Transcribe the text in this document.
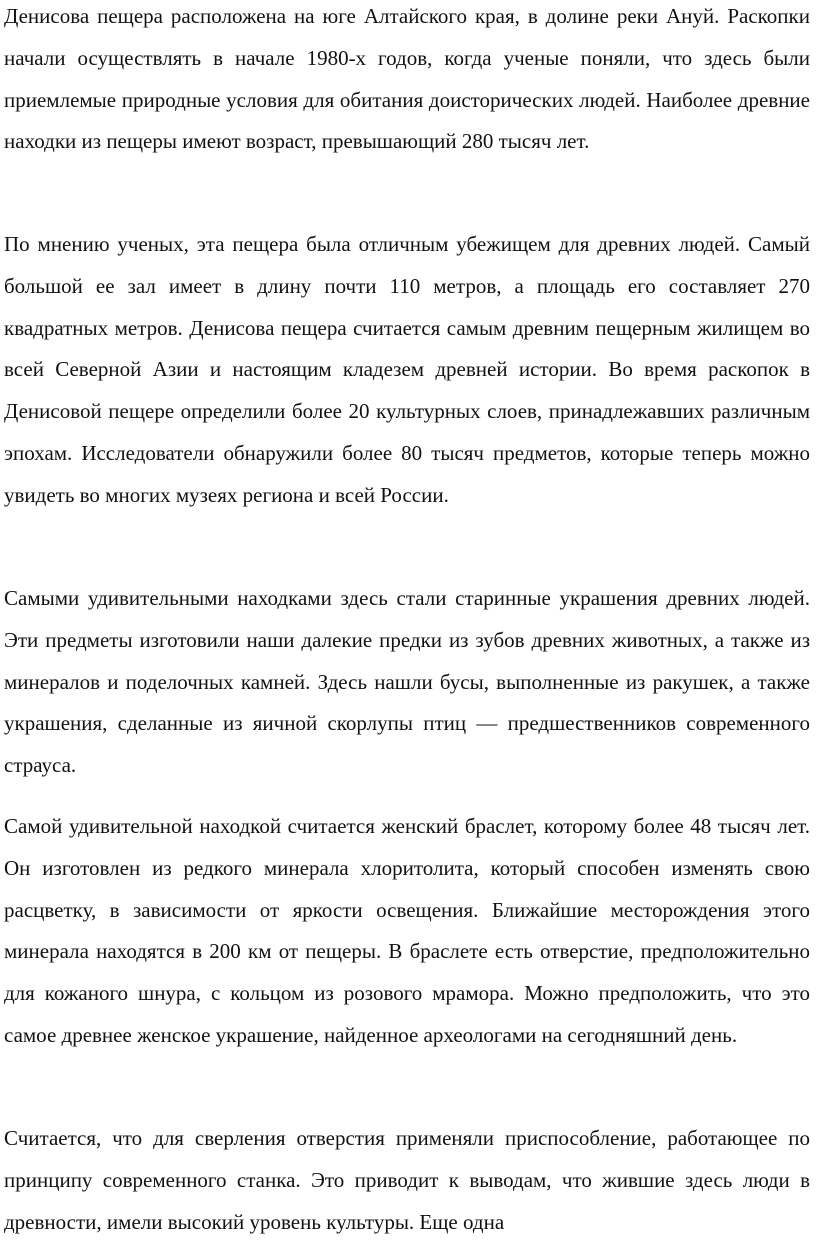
Денисова пещера расположена на юге Алтайского края, в долине реки Ануй. Раскопки начали осуществлять в начале 1980-х годов, когда ученые поняли, что здесь были приемлемые природные условия для обитания доисторических людей. Наиболее древние находки из пещеры имеют возраст, превышающий 280 тысяч лет.

По мнению ученых, эта пещера была отличным убежищем для древних людей. Самый большой ее зал имеет в длину почти 110 метров, а площадь его составляет 270 квадратных метров. Денисова пещера считается самым древним пещерным жилищем во всей Северной Азии и настоящим кладезем древней истории. Во время раскопок в Денисовой пещере определили более 20 культурных слоев, принадлежавших различным эпохам. Исследователи обнаружили более 80 тысяч предметов, которые теперь можно увидеть во многих музеях региона и всей России.

Самыми удивительными находками здесь стали старинные украшения древних людей. Эти предметы изготовили наши далекие предки из зубов древних животных, а также из минералов и поделочных камней. Здесь нашли бусы, выполненные из ракушек, а также украшения, сделанные из яичной скорлупы птиц — предшественников современного страуса.

Самой удивительной находкой считается женский браслет, которому более 48 тысяч лет. Он изготовлен из редкого минерала хлоритолита, который способен изменять свою расцветку, в зависимости от яркости освещения. Ближайшие месторождения этого минерала находятся в 200 км от пещеры. В браслете есть отверстие, предположительно для кожаного шнура, с кольцом из розового мрамора. Можно предположить, что это самое древнее женское украшение, найденное археологами на сегодняшний день.

Считается, что для сверления отверстия применяли приспособление, работающее по принципу современного станка. Это приводит к выводам, что жившие здесь люди в древности, имели высокий уровень культуры. Еще одна
